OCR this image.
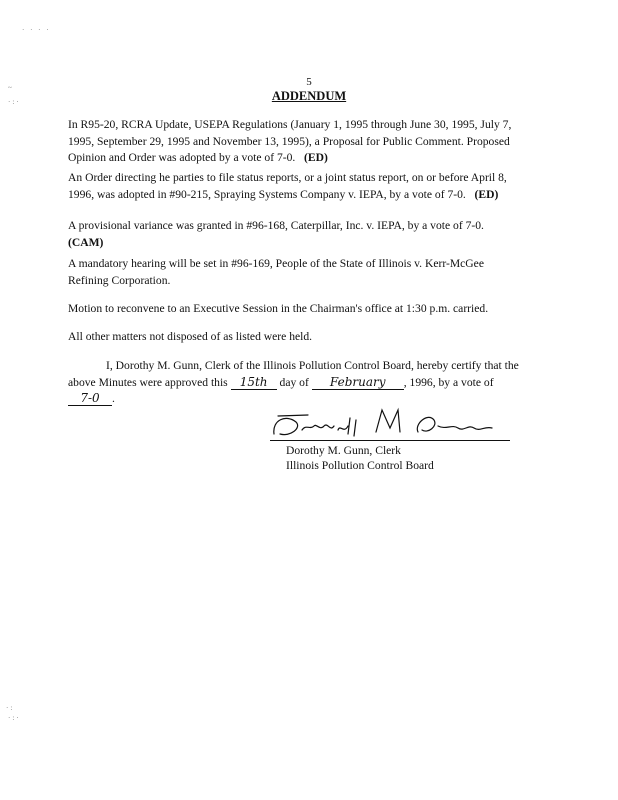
· · · ·
~
·:·
·:
·:·
5
ADDENDUM
In R95-20, RCRA Update, USEPA Regulations (January 1, 1995 through June 30, 1995, July 7,
1995, September 29, 1995 and November 13, 1995), a Proposal for Public Comment. Proposed
Opinion and Order was adopted by a vote of 7-0. (ED)
An Order directing he parties to file status reports, or a joint status report, on or before April 8,
1996, was adopted in #90-215, Spraying Systems Company v. IEPA, by a vote of 7-0. (ED)
A provisional variance was granted in #96-168, Caterpillar, Inc. v. IEPA, by a vote of 7-0.
(CAM)
A mandatory hearing will be set in #96-169, People of the State of Illinois v. Kerr-McGee
Refining Corporation.
Motion to reconvene to an Executive Session in the Chairman's office at 1:30 p.m. carried.
All other matters not disposed of as listed were held.
I, Dorothy M. Gunn, Clerk of the Illinois Pollution Control Board, hereby certify that the
above Minutes were approved this 15th day of February , 1996, by a vote of
7-0 .
Dorothy M. Gunn, Clerk
Illinois Pollution Control Board
